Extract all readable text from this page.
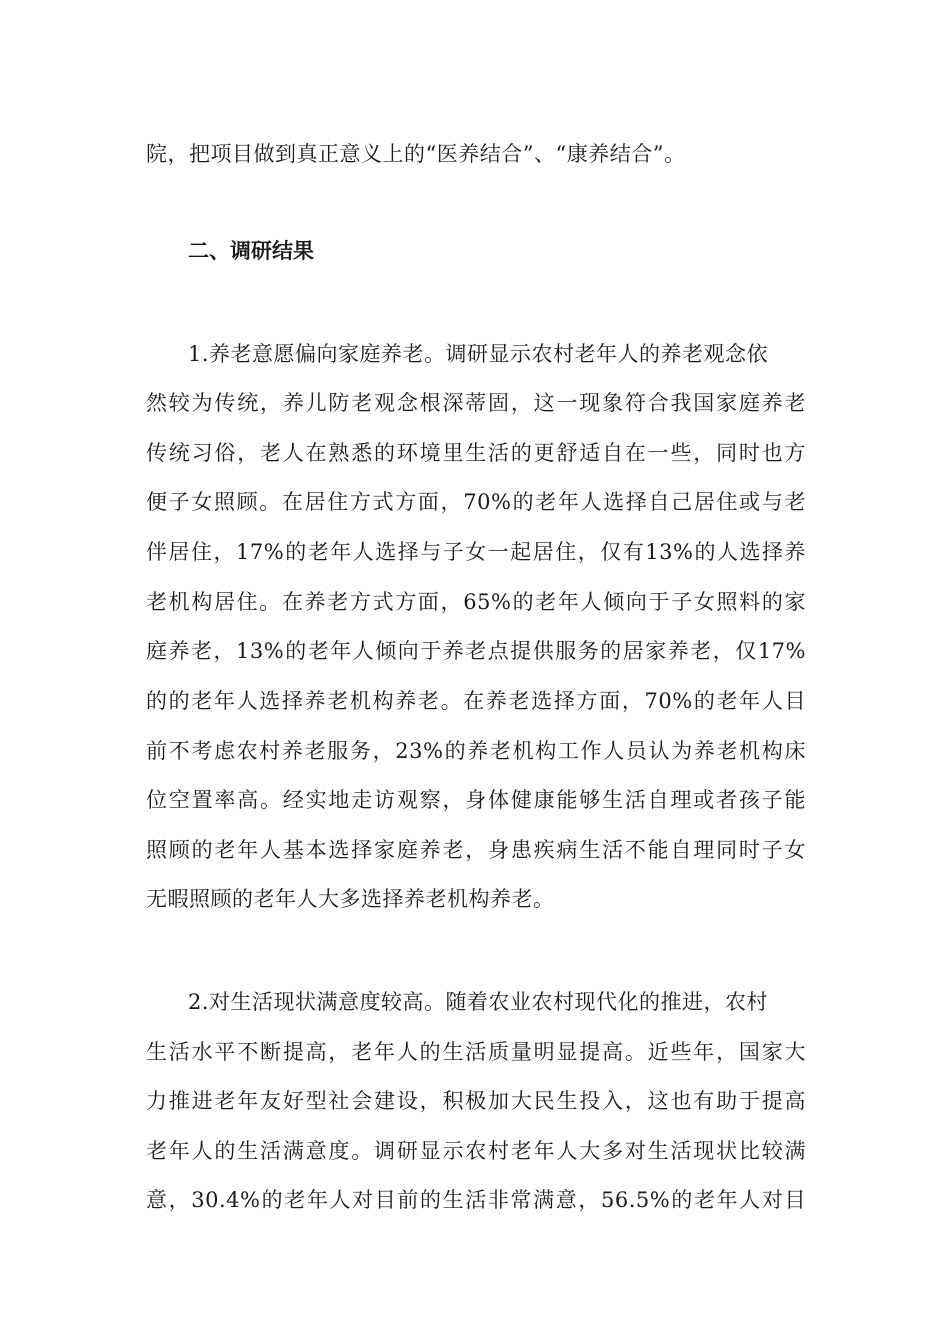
院，把项目做到真正意义上的“医养结合”、“康养结合”。
二、调研结果
1.养老意愿偏向家庭养老。调研显示农村老年人的养老观念依
然较为传统，养儿防老观念根深蒂固，这一现象符合我国家庭养老
传统习俗，老人在熟悉的环境里生活的更舒适自在一些，同时也方
便子女照顾。在居住方式方面，70%的老年人选择自己居住或与老
伴居住，17%的老年人选择与子女一起居住，仅有13%的人选择养
老机构居住。在养老方式方面，65%的老年人倾向于子女照料的家
庭养老，13%的老年人倾向于养老点提供服务的居家养老，仅17%
的的老年人选择养老机构养老。在养老选择方面，70%的老年人目
前不考虑农村养老服务，23%的养老机构工作人员认为养老机构床
位空置率高。经实地走访观察，身体健康能够生活自理或者孩子能
照顾的老年人基本选择家庭养老，身患疾病生活不能自理同时子女
无暇照顾的老年人大多选择养老机构养老。
2.对生活现状满意度较高。随着农业农村现代化的推进，农村
生活水平不断提高，老年人的生活质量明显提高。近些年，国家大
力推进老年友好型社会建设，积极加大民生投入，这也有助于提高
老年人的生活满意度。调研显示农村老年人大多对生活现状比较满
意，30.4%的老年人对目前的生活非常满意，56.5%的老年人对目
